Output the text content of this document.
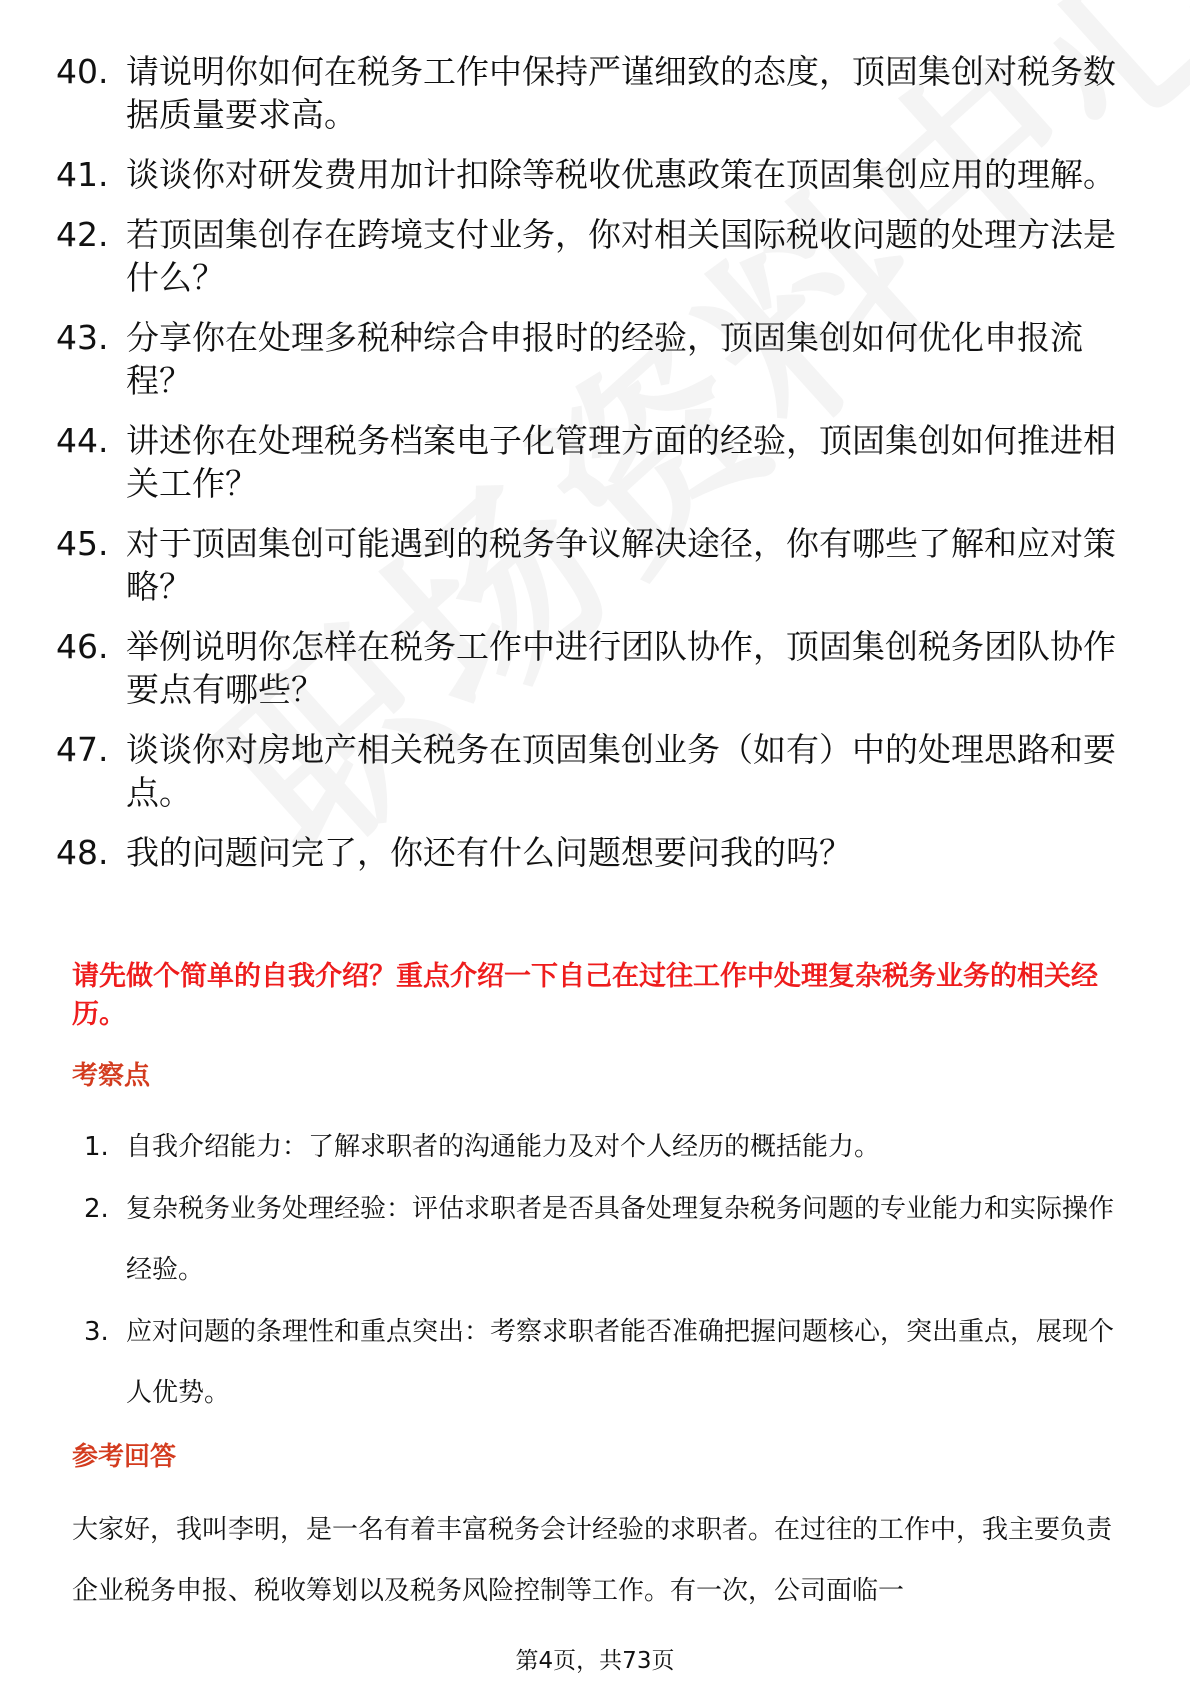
40. 请说明你如何在税务工作中保持严谨细致的态度，顶固集创对税务数据质量要求高。
41. 谈谈你对研发费用加计扣除等税收优惠政策在顶固集创应用的理解。
42. 若顶固集创存在跨境支付业务，你对相关国际税收问题的处理方法是什么？
43. 分享你在处理多税种综合申报时的经验，顶固集创如何优化申报流程？
44. 讲述你在处理税务档案电子化管理方面的经验，顶固集创如何推进相关工作？
45. 对于顶固集创可能遇到的税务争议解决途径，你有哪些了解和应对策略？
46. 举例说明你怎样在税务工作中进行团队协作，顶固集创税务团队协作要点有哪些？
47. 谈谈你对房地产相关税务在顶固集创业务（如有）中的处理思路和要点。
48. 我的问题问完了，你还有什么问题想要问我的吗？
请先做个简单的自我介绍？重点介绍一下自己在过往工作中处理复杂税务业务的相关经历。
考察点
1. 自我介绍能力：了解求职者的沟通能力及对个人经历的概括能力。
2. 复杂税务业务处理经验：评估求职者是否具备处理复杂税务问题的专业能力和实际操作经验。
3. 应对问题的条理性和重点突出：考察求职者能否准确把握问题核心，突出重点，展现个人优势。
参考回答

大家好，我叫李明，是一名有着丰富税务会计经验的求职者。在过往的工作中，我主要负责企业税务申报、税收筹划以及税务风险控制等工作。有一次，公司面临一

第4页，共73页
